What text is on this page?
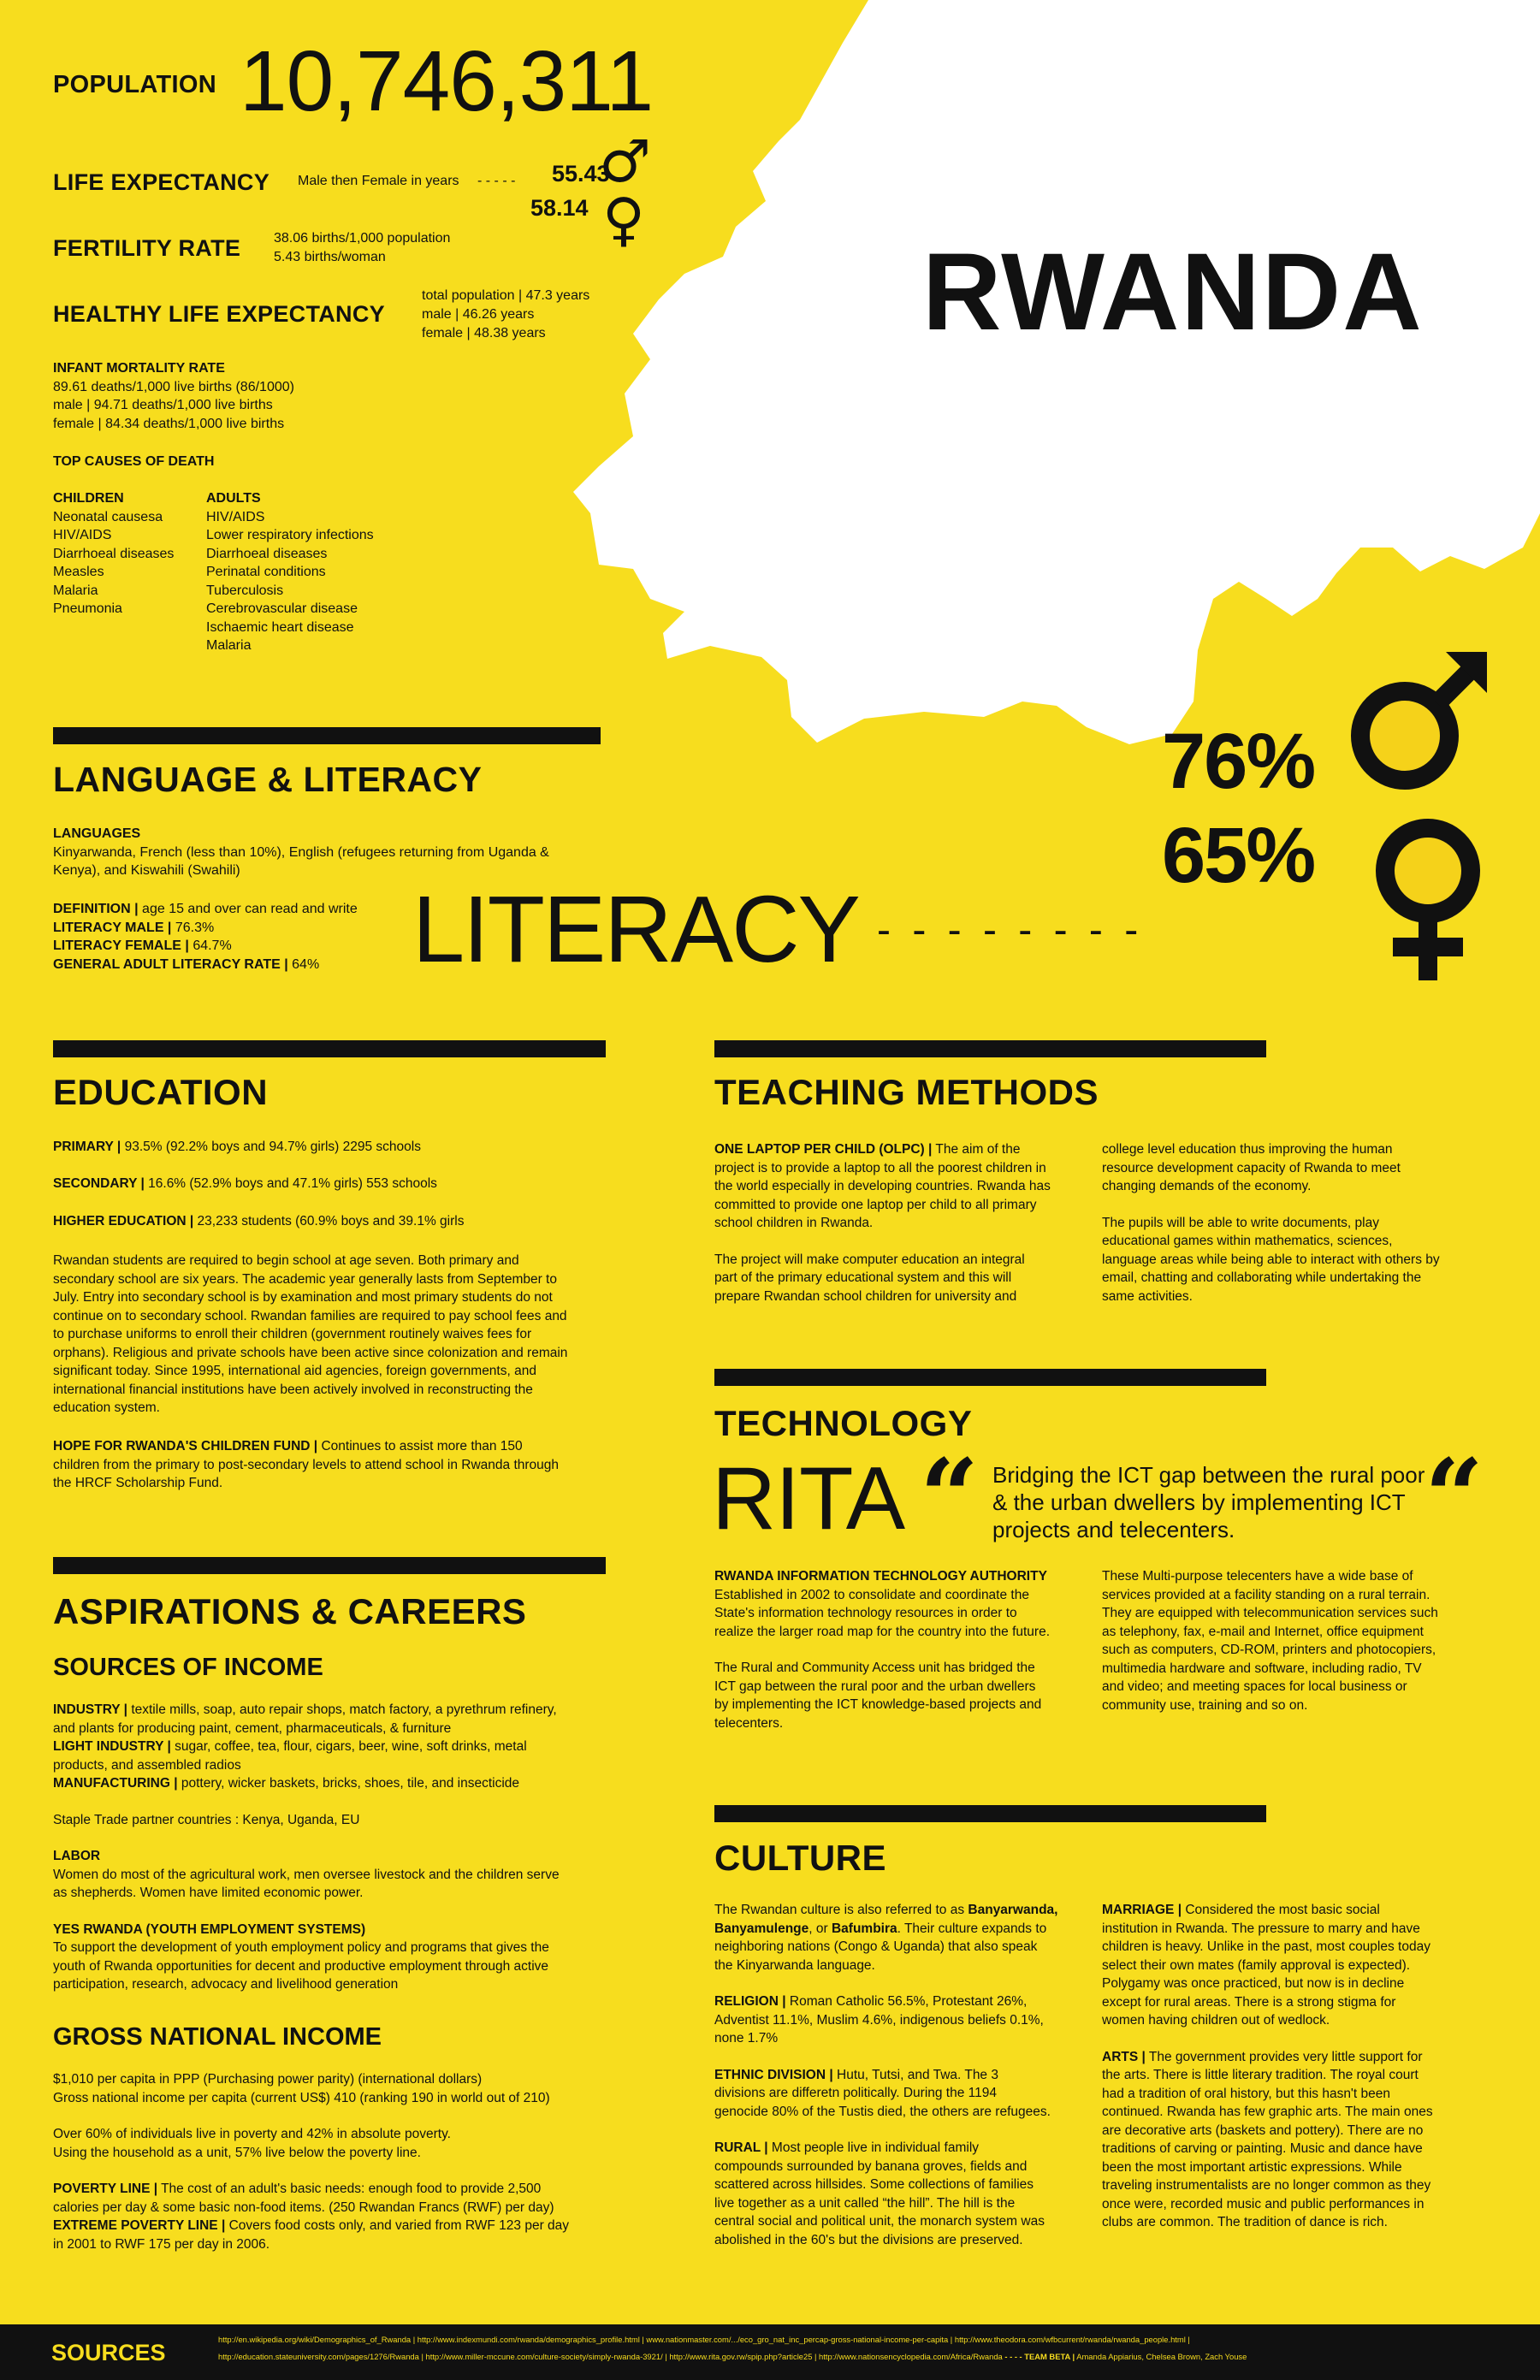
POPULATION 10,746,311
LIFE EXPECTANCY Male then Female in years - - - - - 55.43
58.14
♂
♀
FERTILITY RATE 38.06 births/1,000 population
5.43 births/woman
HEALTHY LIFE EXPECTANCY
total population | 47.3 years
male | 46.26 years
female | 48.38 years	RWANDA
INFANT MORTALITY RATE
89.61 deaths/1,000 live births (86/1000)
male | 94.71 deaths/1,000 live births
female | 84.34 deaths/1,000 live births
TOP CAUSES OF DEATH
CHILDREN
Neonatal causesa
HIV/AIDS
Diarrhoeal diseases
Measles
Malaria
Pneumonia
ADULTS
HIV/AIDS
Lower respiratory infections
Diarrhoeal diseases
Perinatal conditions
Tuberculosis
Cerebrovascular disease
Ischaemic heart disease
Malaria
LANGUAGE & LITERACY
LANGUAGES
Kinyarwanda, French (less than 10%), English (refugees returning from Uganda &
Kenya), and Kiswahili (Swahili)
DEFINITION | age 15 and over can read and write
LITERACY MALE | 76.3%
LITERACY FEMALE | 64.7%
GENERAL ADULT LITERACY RATE | 64% LITERACY - - - - - - - -
76%
65%
EDUCATION
PRIMARY | 93.5% (92.2% boys and 94.7% girls) 2295 schools
SECONDARY | 16.6% (52.9% boys and 47.1% girls) 553 schools
HIGHER EDUCATION | 23,233 students (60.9% boys and 39.1% girls
Rwandan students are required to begin school at age seven. Both primary and
secondary school are six years. The academic year generally lasts from September to
July. Entry into secondary school is by examination and most primary students do not
continue on to secondary school. Rwandan families are required to pay school fees and
to purchase uniforms to enroll their children (government routinely waives fees for
orphans). Religious and private schools have been active since colonization and remain
significant today. Since 1995, international aid agencies, foreign governments, and
international financial institutions have been actively involved in reconstructing the
education system.
HOPE FOR RWANDA'S CHILDREN FUND | Continues to assist more than 150
children from the primary to post-secondary levels to attend school in Rwanda through
the HRCF Scholarship Fund.
TEACHING METHODS
ONE LAPTOP PER CHILD (OLPC) | The aim of the
project is to provide a laptop to all the poorest children in
the world especially in developing countries. Rwanda has
committed to provide one laptop per child to all primary
school children in Rwanda.
The project will make computer education an integral
part of the primary educational system and this will
prepare Rwandan school children for university and
college level education thus improving the human
resource development capacity of Rwanda to meet
changing demands of the economy.
The pupils will be able to write documents, play
educational games within mathematics, sciences,
language areas while being able to interact with others by
email, chatting and collaborating while undertaking the
same activities.
TECHNOLOGY
RITA “ Bridging the ICT gap between the rural poor
& the urban dwellers by implementing ICT
projects and telecenters.	“
RWANDA INFORMATION TECHNOLOGY AUTHORITY
Established in 2002 to consolidate and coordinate the
State's information technology resources in order to
realize the larger road map for the country into the future.
The Rural and Community Access unit has bridged the
ICT gap between the rural poor and the urban dwellers
by implementing the ICT knowledge-based projects and
telecenters.
These Multi-purpose telecenters have a wide base of
services provided at a facility standing on a rural terrain.
They are equipped with telecommunication services such
as telephony, fax, e-mail and Internet, office equipment
such as computers, CD-ROM, printers and photocopiers,
multimedia hardware and software, including radio, TV
and video; and meeting spaces for local business or
community use, training and so on.
ASPIRATIONS & CAREERS
SOURCES OF INCOME
INDUSTRY | textile mills, soap, auto repair shops, match factory, a pyrethrum refinery,
and plants for producing paint, cement, pharmaceuticals, & furniture
LIGHT INDUSTRY | sugar, coffee, tea, flour, cigars, beer, wine, soft drinks, metal
products, and assembled radios
MANUFACTURING | pottery, wicker baskets, bricks, shoes, tile, and insecticide
Staple Trade partner countries : Kenya, Uganda, EU
LABOR
Women do most of the agricultural work, men oversee livestock and the children serve
as shepherds. Women have limited economic power.
YES RWANDA (YOUTH EMPLOYMENT SYSTEMS)
To support the development of youth employment policy and programs that gives the
youth of Rwanda opportunities for decent and productive employment through active
participation, research, advocacy and livelihood generation
GROSS NATIONAL INCOME
$1,010 per capita in PPP (Purchasing power parity) (international dollars)
Gross national income per capita (current US$) 410 (ranking 190 in world out of 210)
Over 60% of individuals live in poverty and 42% in absolute poverty.
Using the household as a unit, 57% live below the poverty line.
POVERTY LINE | The cost of an adult's basic needs: enough food to provide 2,500
calories per day & some basic non-food items. (250 Rwandan Francs (RWF) per day)
EXTREME POVERTY LINE | Covers food costs only, and varied from RWF 123 per day
in 2001 to RWF 175 per day in 2006.
CULTURE
The Rwandan culture is also referred to as Banyarwanda,
Banyamulenge, or Bafumbira. Their culture expands to
neighboring nations (Congo & Uganda) that also speak
the Kinyarwanda language.
RELIGION | Roman Catholic 56.5%, Protestant 26%,
Adventist 11.1%, Muslim 4.6%, indigenous beliefs 0.1%,
none 1.7%
ETHNIC DIVISION | Hutu, Tutsi, and Twa. The 3
divisions are differetn politically. During the 1194
genocide 80% of the Tustis died, the others are refugees.
RURAL | Most people live in individual family
compounds surrounded by banana groves, fields and
scattered across hillsides. Some collections of families
live together as a unit called “the hill”. The hill is the
central social and political unit, the monarch system was
abolished in the 60's but the divisions are preserved.
MARRIAGE | Considered the most basic social
institution in Rwanda. The pressure to marry and have
children is heavy. Unlike in the past, most couples today
select their own mates (family approval is expected).
Polygamy was once practiced, but now is in decline
except for rural areas. There is a strong stigma for
women having children out of wedlock.
ARTS | The government provides very little support for
the arts. There is little literary tradition. The royal court
had a tradition of oral history, but this hasn't been
continued. Rwanda has few graphic arts. The main ones
are decorative arts (baskets and pottery). There are no
traditions of carving or painting. Music and dance have
been the most important artistic expressions. While
traveling instrumentalists are no longer common as they
once were, recorded music and public performances in
clubs are common. The tradition of dance is rich.
SOURCES
http://en.wikipedia.org/wiki/Demographics_of_Rwanda | http://www.indexmundi.com/rwanda/demographics_profile.html | www.nationmaster.com/.../eco_gro_nat_inc_percap-gross-national-income-per-capita | http://www.theodora.com/wfbcurrent/rwanda/rwanda_people.html |
http://education.stateuniversity.com/pages/1276/Rwanda | http://www.miller-mccune.com/culture-society/simply-rwanda-3921/ | http://www.rita.gov.rw/spip.php?article25 | http://www.nationsencyclopedia.com/Africa/Rwanda - - - - TEAM BETA | Amanda Appiarius, Chelsea Brown, Zach Youse
